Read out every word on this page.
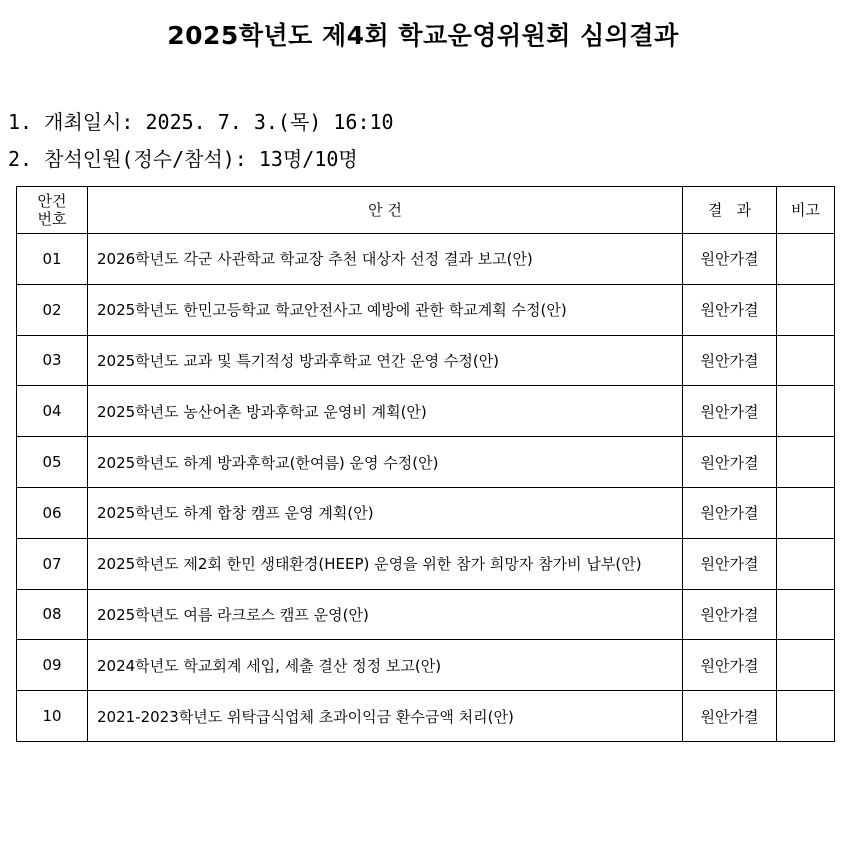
2025학년도 제4회 학교운영위원회 심의결과
1. 개최일시: 2025. 7. 3.(목) 16:10
2. 참석인원(정수/참석): 13명/10명
안건
번호	안 건	결   과	비고
01	2026학년도 각군 사관학교 학교장 추천 대상자 선정 결과 보고(안)	원안가결	
02	2025학년도 한민고등학교 학교안전사고 예방에 관한 학교계획 수정(안)	원안가결	
03	2025학년도 교과 및 특기적성 방과후학교 연간 운영 수정(안)	원안가결	
04	2025학년도 농산어촌 방과후학교 운영비 계획(안)	원안가결	
05	2025학년도 하계 방과후학교(한여름) 운영 수정(안)	원안가결	
06	2025학년도 하계 합창 캠프 운영 계획(안)	원안가결	
07	2025학년도 제2회 한민 생태환경(HEEP) 운영을 위한 참가 희망자 참가비 납부(안)	원안가결	
08	2025학년도 여름 라크로스 캠프 운영(안)	원안가결	
09	2024학년도 학교회계 세입, 세출 결산 정정 보고(안)	원안가결	
10	2021-2023학년도 위탁급식업체 초과이익금 환수금액 처리(안)	원안가결	
